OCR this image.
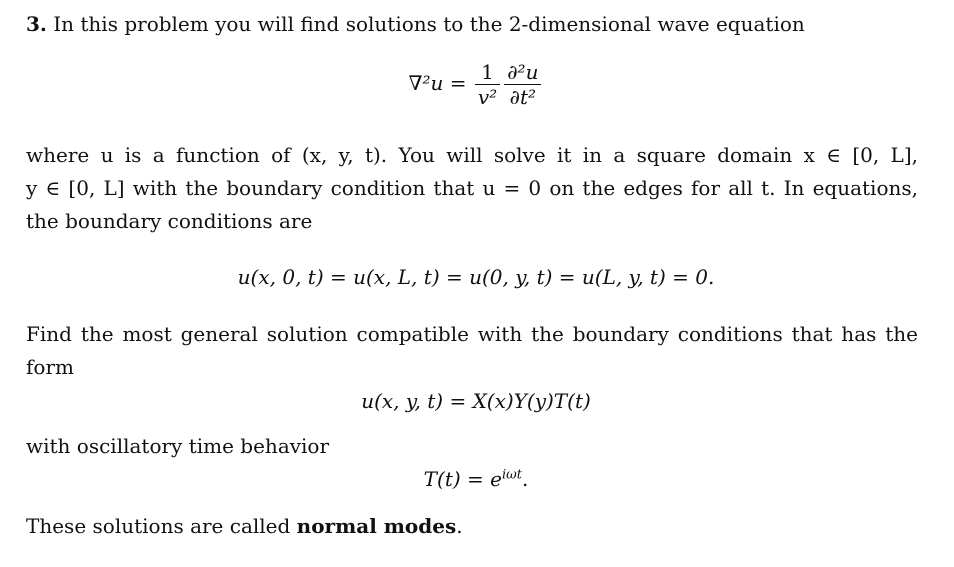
3. In this problem you will find solutions to the 2-dimensional wave equation

$\nabla^2u = \frac{1}{\text{v²}} \frac{\text{∂²u}}{\text{∂t²}}$
where u is a function of (x, y, t). You will solve it in a square domain x ∈ [0, L],
y ∈ [0, L] with the boundary condition that u = 0 on the edges for all t. In equations,
the boundary conditions are
u(x, 0, t) = u(x, L, t) = u(0, y, t) = u(L, y, t) = 0.
Find the most general solution compatible with the boundary conditions that has the
form
u(x, y, t) = X(x)Y(y)T(t)

with oscillatory time behavior

$T(t) = e^{i\omega t}$.

These solutions are called normal modes.
